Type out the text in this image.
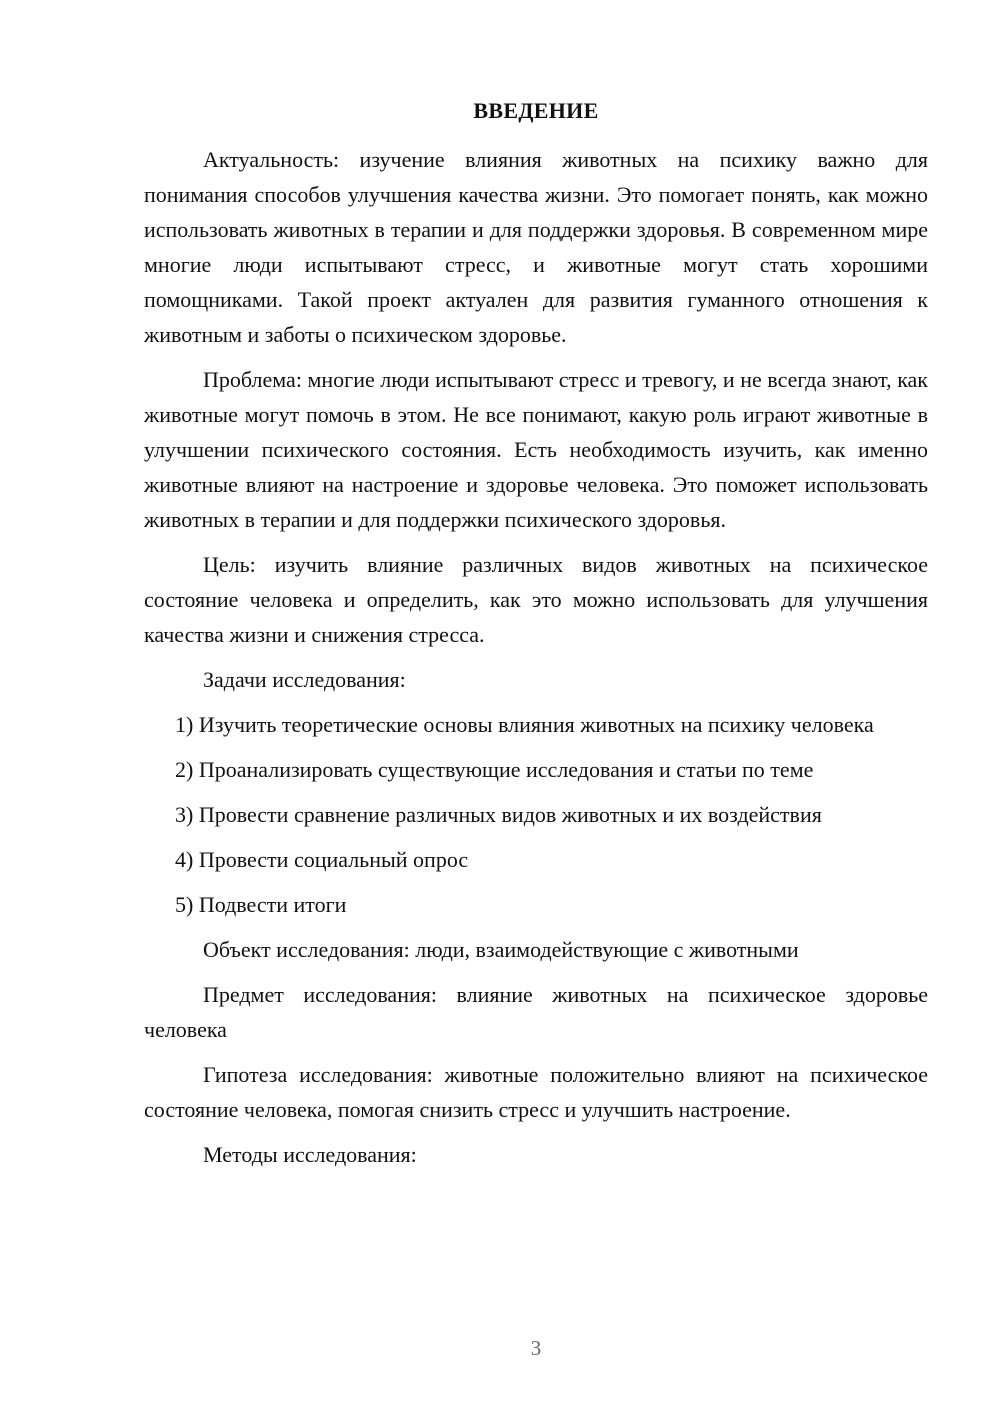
ВВЕДЕНИЕ

Актуальность: изучение влияния животных на психику важно для понимания способов улучшения качества жизни. Это помогает понять, как можно использовать животных в терапии и для поддержки здоровья. В современном мире многие люди испытывают стресс, и животные могут стать хорошими помощниками. Такой проект актуален для развития гуманного отношения к животным и заботы о психическом здоровье.

Проблема: многие люди испытывают стресс и тревогу, и не всегда знают, как животные могут помочь в этом. Не все понимают, какую роль играют животные в улучшении психического состояния. Есть необходимость изучить, как именно животные влияют на настроение и здоровье человека. Это поможет использовать животных в терапии и для поддержки психического здоровья.

Цель: изучить влияние различных видов животных на психическое состояние человека и определить, как это можно использовать для улучшения качества жизни и снижения стресса.

Задачи исследования:

1) Изучить теоретические основы влияния животных на психику человека

2) Проанализировать существующие исследования и статьи по теме

3) Провести сравнение различных видов животных и их воздействия

4) Провести социальный опрос

5) Подвести итоги

Объект исследования: люди, взаимодействующие с животными

Предмет исследования: влияние животных на психическое здоровье человека

Гипотеза исследования: животные положительно влияют на психическое состояние человека, помогая снизить стресс и улучшить настроение.

Методы исследования:

3
